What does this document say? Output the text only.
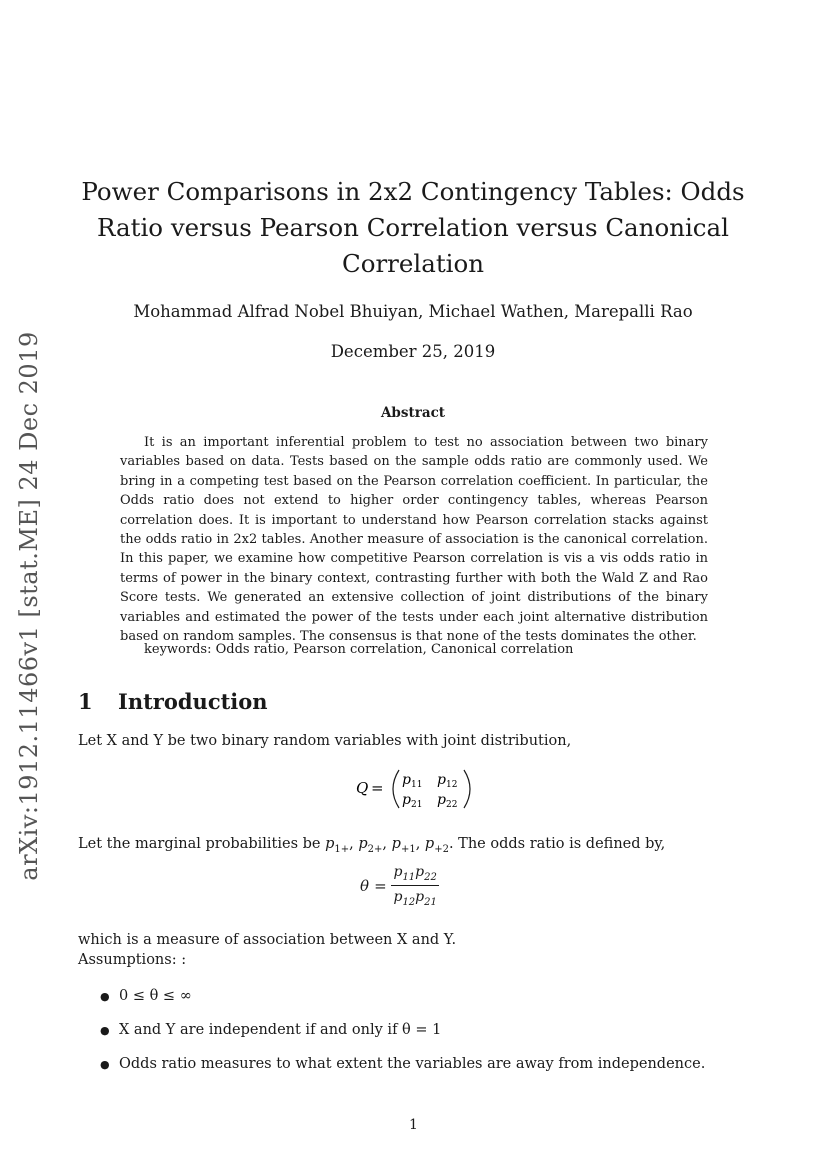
arXiv:1912.11466v1 [stat.ME] 24 Dec 2019
Power Comparisons in 2x2 Contingency Tables: Odds Ratio versus Pearson Correlation versus Canonical Correlation
Mohammad Alfrad Nobel Bhuiyan, Michael Wathen, Marepalli Rao
December 25, 2019
Abstract

It is an important inferential problem to test no association between two binary variables based on data. Tests based on the sample odds ratio are commonly used. We bring in a competing test based on the Pearson correlation coefficient. In particular, the Odds ratio does not extend to higher order contingency tables, whereas Pearson correlation does. It is important to understand how Pearson correlation stacks against the odds ratio in 2x2 tables. Another measure of association is the canonical correlation. In this paper, we examine how competitive Pearson correlation is vis a vis odds ratio in terms of power in the binary context, contrasting further with both the Wald Z and Rao Score tests. We generated an extensive collection of joint distributions of the binary variables and estimated the power of the tests under each joint alternative distribution based on random samples. The consensus is that none of the tests dominates the other.

keywords: Odds ratio, Pearson correlation, Canonical correlation
1 Introduction
Let X and Y be two binary random variables with joint distribution,
$Q = p_{11}$ $p_{12}$
$p_{21}$ $p_{22}$
Let the marginal probabilities be $p_{1+}$, $p_{2+}$, $p_{+1}$, $p_{+2}$. The odds ratio is defined by,
$\theta = \frac{p_{11}p_{22}}{p_{12}p_{21}}$
which is a measure of association between X and Y.
Assumptions: :
● 0 ≤ θ ≤ ∞
● X and Y are independent if and only if θ = 1
● Odds ratio measures to what extent the variables are away from independence.
1
